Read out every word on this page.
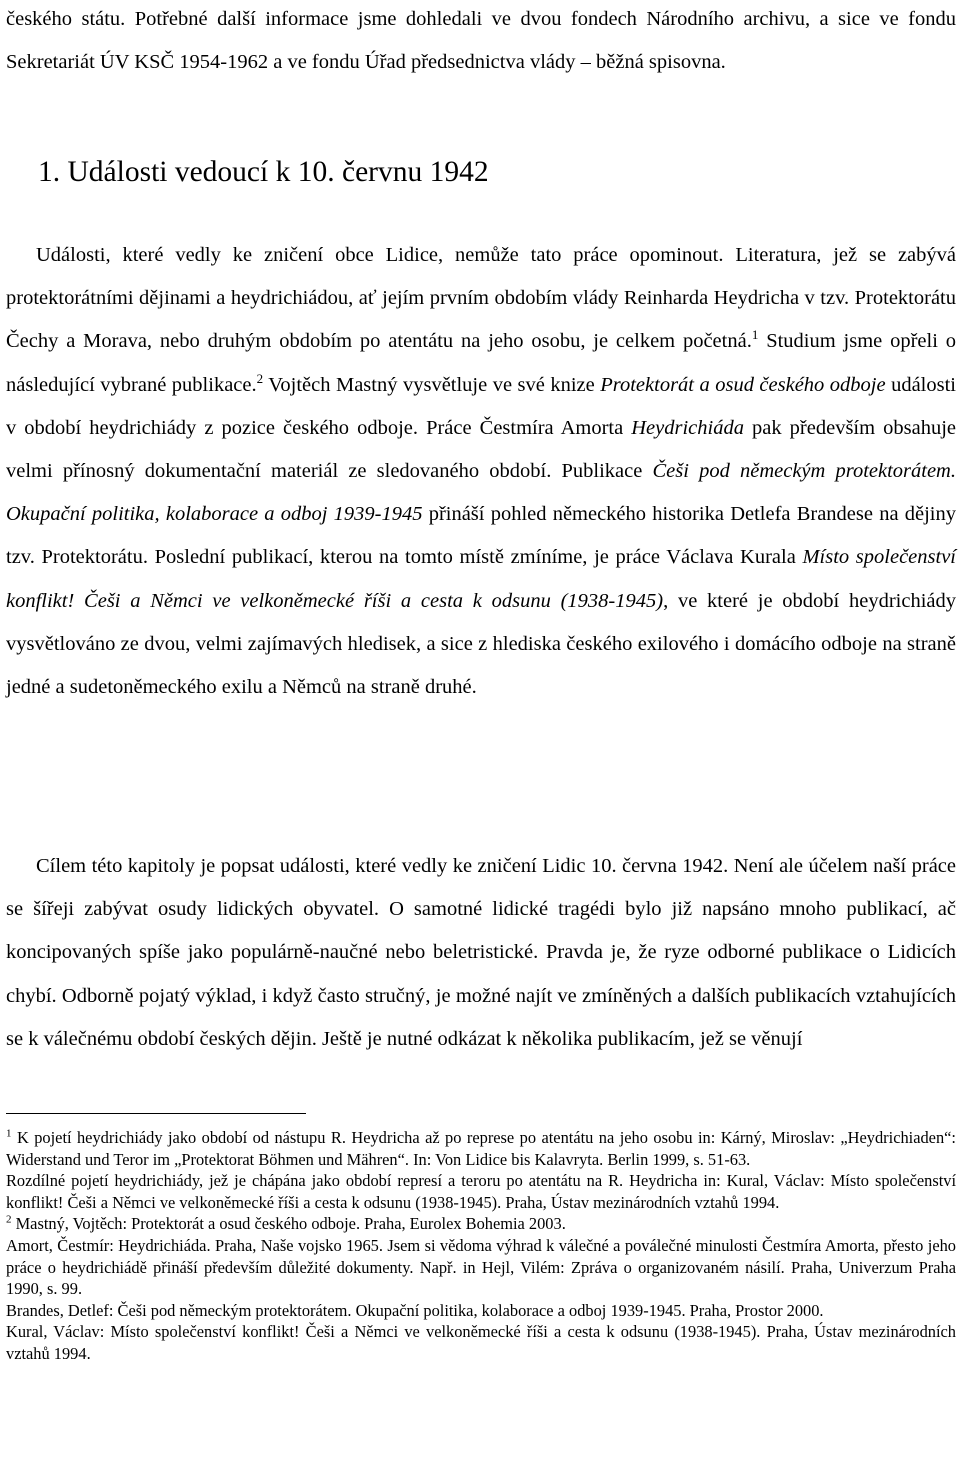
českého státu. Potřebné další informace jsme dohledali ve dvou fondech Národního archivu, a sice ve fondu Sekretariát ÚV KSČ 1954-1962 a ve fondu Úřad předsednictva vlády – běžná spisovna.

1. Události vedoucí k 10. červnu 1942

Události, které vedly ke zničení obce Lidice, nemůže tato práce opominout. Literatura, jež se zabývá protektorátními dějinami a heydrichiádou, ať jejím prvním obdobím vlády Reinharda Heydricha v tzv. Protektorátu Čechy a Morava, nebo druhým obdobím po atentátu na jeho osobu, je celkem početná.$^1$ Studium jsme opřeli o následující vybrané publikace.$^2$ Vojtěch Mastný vysvětluje ve své knize Protektorát a osud českého odboje události v období heydrichiády z pozice českého odboje. Práce Čestmíra Amorta Heydrichiáda pak především obsahuje velmi přínosný dokumentační materiál ze sledovaného období. Publikace Češi pod německým protektorátem. Okupační politika, kolaborace a odboj 1939-1945 přináší pohled německého historika Detlefa Brandese na dějiny tzv. Protektorátu. Poslední publikací, kterou na tomto místě zmíníme, je práce Václava Kurala Místo společenství konflikt! Češi a Němci ve velkoněmecké říši a cesta k odsunu (1938-1945), ve které je období heydrichiády vysvětlováno ze dvou, velmi zajímavých hledisek, a sice z hlediska českého exilového i domácího odboje na straně jedné a sudetoněmeckého exilu a Němců na straně druhé.

Cílem této kapitoly je popsat události, které vedly ke zničení Lidic 10. června 1942. Není ale účelem naší práce se šířeji zabývat osudy lidických obyvatel. O samotné lidické tragédi bylo již napsáno mnoho publikací, ač koncipovaných spíše jako populárně-naučné nebo beletristické. Pravda je, že ryze odborné publikace o Lidicích chybí. Odborně pojatý výklad, i když často stručný, je možné najít ve zmíněných a dalších publikacích vztahujících se k válečnému období českých dějin. Ještě je nutné odkázat k několika publikacím, jež se věnují

$^1$ K pojetí heydrichiády jako období od nástupu R. Heydricha až po represe po atentátu na jeho osobu in: Kárný, Miroslav: „Heydrichiaden“: Widerstand und Teror im „Protektorat Böhmen und Mähren“. In: Von Lidice bis Kalavryta. Berlin 1999, s. 51-63.

Rozdílné pojetí heydrichiády, jež je chápána jako období represí a teroru po atentátu na R. Heydricha in: Kural, Václav: Místo společenství konflikt! Češi a Němci ve velkoněmecké říši a cesta k odsunu (1938-1945). Praha, Ústav mezinárodních vztahů 1994.

$^2$ Mastný, Vojtěch: Protektorát a osud českého odboje. Praha, Eurolex Bohemia 2003.

Amort, Čestmír: Heydrichiáda. Praha, Naše vojsko 1965. Jsem si vědoma výhrad k válečné a poválečné minulosti Čestmíra Amorta, přesto jeho práce o heydrichiádě přináší především důležité dokumenty. Např. in Hejl, Vilém: Zpráva o organizovaném násilí. Praha, Univerzum Praha 1990, s. 99.

Brandes, Detlef: Češi pod německým protektorátem. Okupační politika, kolaborace a odboj 1939-1945. Praha, Prostor 2000.

Kural, Václav: Místo společenství konflikt! Češi a Němci ve velkoněmecké říši a cesta k odsunu (1938-1945). Praha, Ústav mezinárodních vztahů 1994.
